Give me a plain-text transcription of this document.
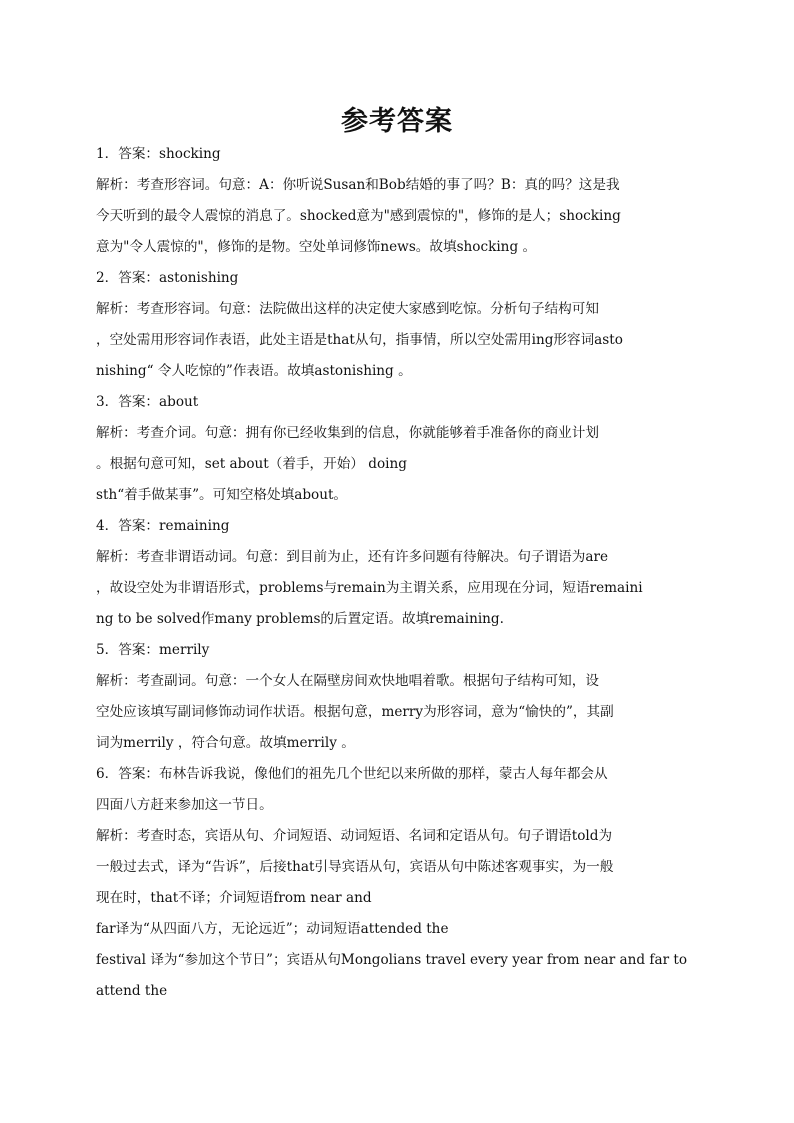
参考答案
1．答案：shocking
解析：考查形容词。句意：A：你听说Susan和Bob结婚的事了吗？B：真的吗？这是我
今天听到的最令人震惊的消息了。shocked意为"感到震惊的"，修饰的是人；shocking
意为"令人震惊的"，修饰的是物。空处单词修饰news。故填shocking 。
2．答案：astonishing
解析：考查形容词。句意：法院做出这样的决定使大家感到吃惊。分析句子结构可知
，空处需用形容词作表语，此处主语是that从句，指事情，所以空处需用ing形容词asto
nishing“ 令人吃惊的”作表语。故填astonishing 。
3．答案：about
解析：考查介词。句意：拥有你已经收集到的信息，你就能够着手准备你的商业计划
。根据句意可知，set about（着手，开始） doing
sth“着手做某事”。可知空格处填about。
4．答案：remaining
解析：考查非谓语动词。句意：到目前为止，还有许多问题有待解决。句子谓语为are
，故设空处为非谓语形式，problems与remain为主谓关系，应用现在分词，短语remaini
ng to be solved作many problems的后置定语。故填remaining.
5．答案：merrily
解析：考查副词。句意：一个女人在隔壁房间欢快地唱着歌。根据句子结构可知，设
空处应该填写副词修饰动词作状语。根据句意，merry为形容词，意为“愉快的”，其副
词为merrily ，符合句意。故填merrily 。
6．答案：布林告诉我说，像他们的祖先几个世纪以来所做的那样，蒙古人每年都会从
四面八方赶来参加这一节日。
解析：考查时态，宾语从句、介词短语、动词短语、名词和定语从句。句子谓语told为
一般过去式，译为“告诉”，后接that引导宾语从句，宾语从句中陈述客观事实，为一般
现在时，that不译；介词短语from near and
far译为“从四面八方，无论远近”；动词短语attended the
festival 译为“参加这个节日”；宾语从句Mongolians travel every year from near and far to
attend the
